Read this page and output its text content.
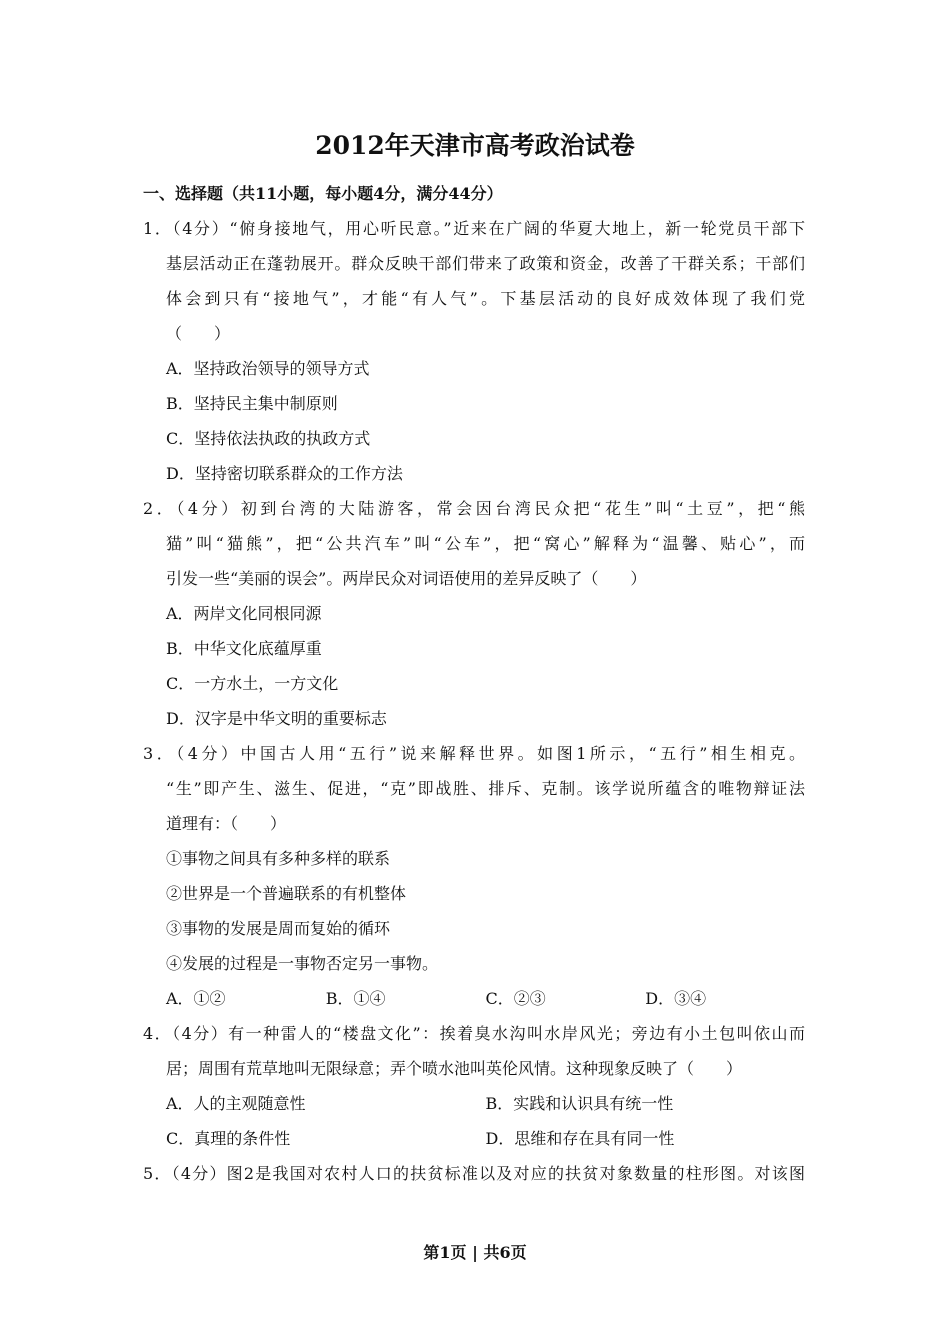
2012年天津市高考政治试卷
一、选择题（共11小题，每小题4分，满分44分）
1．（4分）“俯身接地气，用心听民意。”近来在广阔的华夏大地上，新一轮党员干部下
基层活动正在蓬勃展开。群众反映干部们带来了政策和资金，改善了干群关系；干部们
体会到只有“接地气”，才能“有人气”。下基层活动的良好成效体现了我们党
（　　）
A．坚持政治领导的领导方式
B．坚持民主集中制原则
C．坚持依法执政的执政方式
D．坚持密切联系群众的工作方法
2．（4分）初到台湾的大陆游客，常会因台湾民众把“花生”叫“土豆”，把“熊
猫”叫“猫熊”，把“公共汽车”叫“公车”，把“窝心”解释为“温馨、贴心”，而
引发一些“美丽的误会”。两岸民众对词语使用的差异反映了（　　）
A．两岸文化同根同源
B．中华文化底蕴厚重
C．一方水土，一方文化
D．汉字是中华文明的重要标志
3．（4分）中国古人用“五行”说来解释世界。如图1所示，“五行”相生相克。
“生”即产生、滋生、促进，“克”即战胜、排斥、克制。该学说所蕴含的唯物辩证法
道理有：（　　）
①事物之间具有多种多样的联系
②世界是一个普遍联系的有机整体
③事物的发展是周而复始的循环
④发展的过程是一事物否定另一事物。
A．①②	B．①④	C．②③	D．③④
4．（4分）有一种雷人的“楼盘文化”：挨着臭水沟叫水岸风光；旁边有小土包叫依山而
居；周围有荒草地叫无限绿意；弄个喷水池叫英伦风情。这种现象反映了（　　）
A．人的主观随意性	B．实践和认识具有统一性
C．真理的条件性	D．思维和存在具有同一性
5．（4分）图2是我国对农村人口的扶贫标准以及对应的扶贫对象数量的柱形图。对该图
第1页 | 共6页
